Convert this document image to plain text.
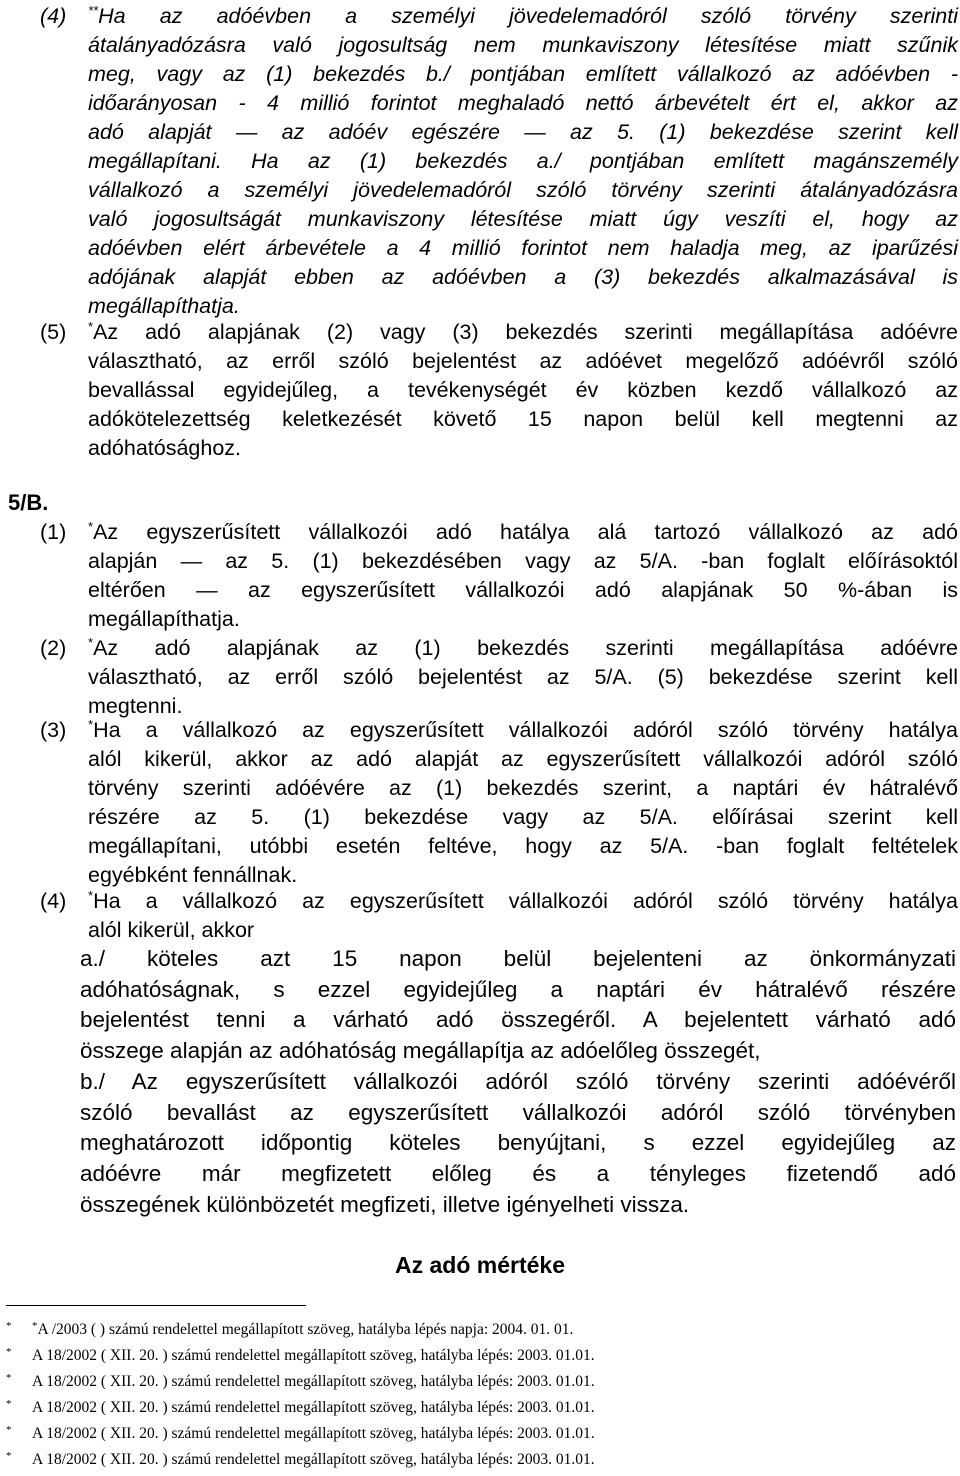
(4)	**Ha az adóévben a személyi jövedelemadóról szóló törvény szerinti
átalányadózásra való jogosultság nem munkaviszony létesítése miatt szűnik
meg, vagy az (1) bekezdés b./ pontjában említett vállalkozó az adóévben -
időarányosan - 4 millió forintot meghaladó nettó árbevételt ért el, akkor az
adó alapját — az adóév egészére — az 5. (1) bekezdése szerint kell
megállapítani. Ha az (1) bekezdés a./ pontjában említett magánszemély
vállalkozó a személyi jövedelemadóról szóló törvény szerinti átalányadózásra
való jogosultságát munkaviszony létesítése miatt úgy veszíti el, hogy az
adóévben elért árbevétele a 4 millió forintot nem haladja meg, az iparűzési
adójának alapját ebben az adóévben a (3) bekezdés alkalmazásával is
megállapíthatja.
(5)	*Az adó alapjának (2) vagy (3) bekezdés szerinti megállapítása adóévre
választható, az erről szóló bejelentést az adóévet megelőző adóévről szóló
bevallással egyidejűleg, a tevékenységét év közben kezdő vállalkozó az
adókötelezettség keletkezését követő 15 napon belül kell megtenni az
adóhatósághoz.
5/B.
(1)	*Az egyszerűsített vállalkozói adó hatálya alá tartozó vállalkozó az adó
alapján — az 5. (1) bekezdésében vagy az 5/A. -ban foglalt előírásoktól
eltérően — az egyszerűsített vállalkozói adó alapjának 50 %-ában is
megállapíthatja.
(2)	*Az adó alapjának az (1) bekezdés szerinti megállapítása adóévre
választható, az erről szóló bejelentést az 5/A. (5) bekezdése szerint kell
megtenni.
(3)	*Ha a vállalkozó az egyszerűsített vállalkozói adóról szóló törvény hatálya
alól kikerül, akkor az adó alapját az egyszerűsített vállalkozói adóról szóló
törvény szerinti adóévére az (1) bekezdés szerint, a naptári év hátralévő
részére az 5. (1) bekezdése vagy az 5/A. előírásai szerint kell
megállapítani, utóbbi esetén feltéve, hogy az 5/A. -ban foglalt feltételek
egyébként fennállnak.
(4)	*Ha a vállalkozó az egyszerűsített vállalkozói adóról szóló törvény hatálya
alól kikerül, akkor
a./ köteles azt 15 napon belül bejelenteni az önkormányzati
adóhatóságnak, s ezzel egyidejűleg a naptári év hátralévő részére
bejelentést tenni a várható adó összegéről. A bejelentett várható adó
összege alapján az adóhatóság megállapítja az adóelőleg összegét,
b./ Az egyszerűsített vállalkozói adóról szóló törvény szerinti adóévéről
szóló bevallást az egyszerűsített vállalkozói adóról szóló törvényben
meghatározott időpontig köteles benyújtani, s ezzel egyidejűleg az
adóévre már megfizetett előleg és a tényleges fizetendő adó
összegének különbözetét megfizeti, illetve igényelheti vissza.
Az adó mértéke
* *A /2003 ( ) számú rendelettel megállapított szöveg, hatályba lépés napja: 2004. 01. 01.
* A 18/2002 ( XII. 20. ) számú rendelettel megállapított szöveg, hatályba lépés: 2003. 01.01.
* A 18/2002 ( XII. 20. ) számú rendelettel megállapított szöveg, hatályba lépés: 2003. 01.01.
* A 18/2002 ( XII. 20. ) számú rendelettel megállapított szöveg, hatályba lépés: 2003. 01.01.
* A 18/2002 ( XII. 20. ) számú rendelettel megállapított szöveg, hatályba lépés: 2003. 01.01.
* A 18/2002 ( XII. 20. ) számú rendelettel megállapított szöveg, hatályba lépés: 2003. 01.01.
